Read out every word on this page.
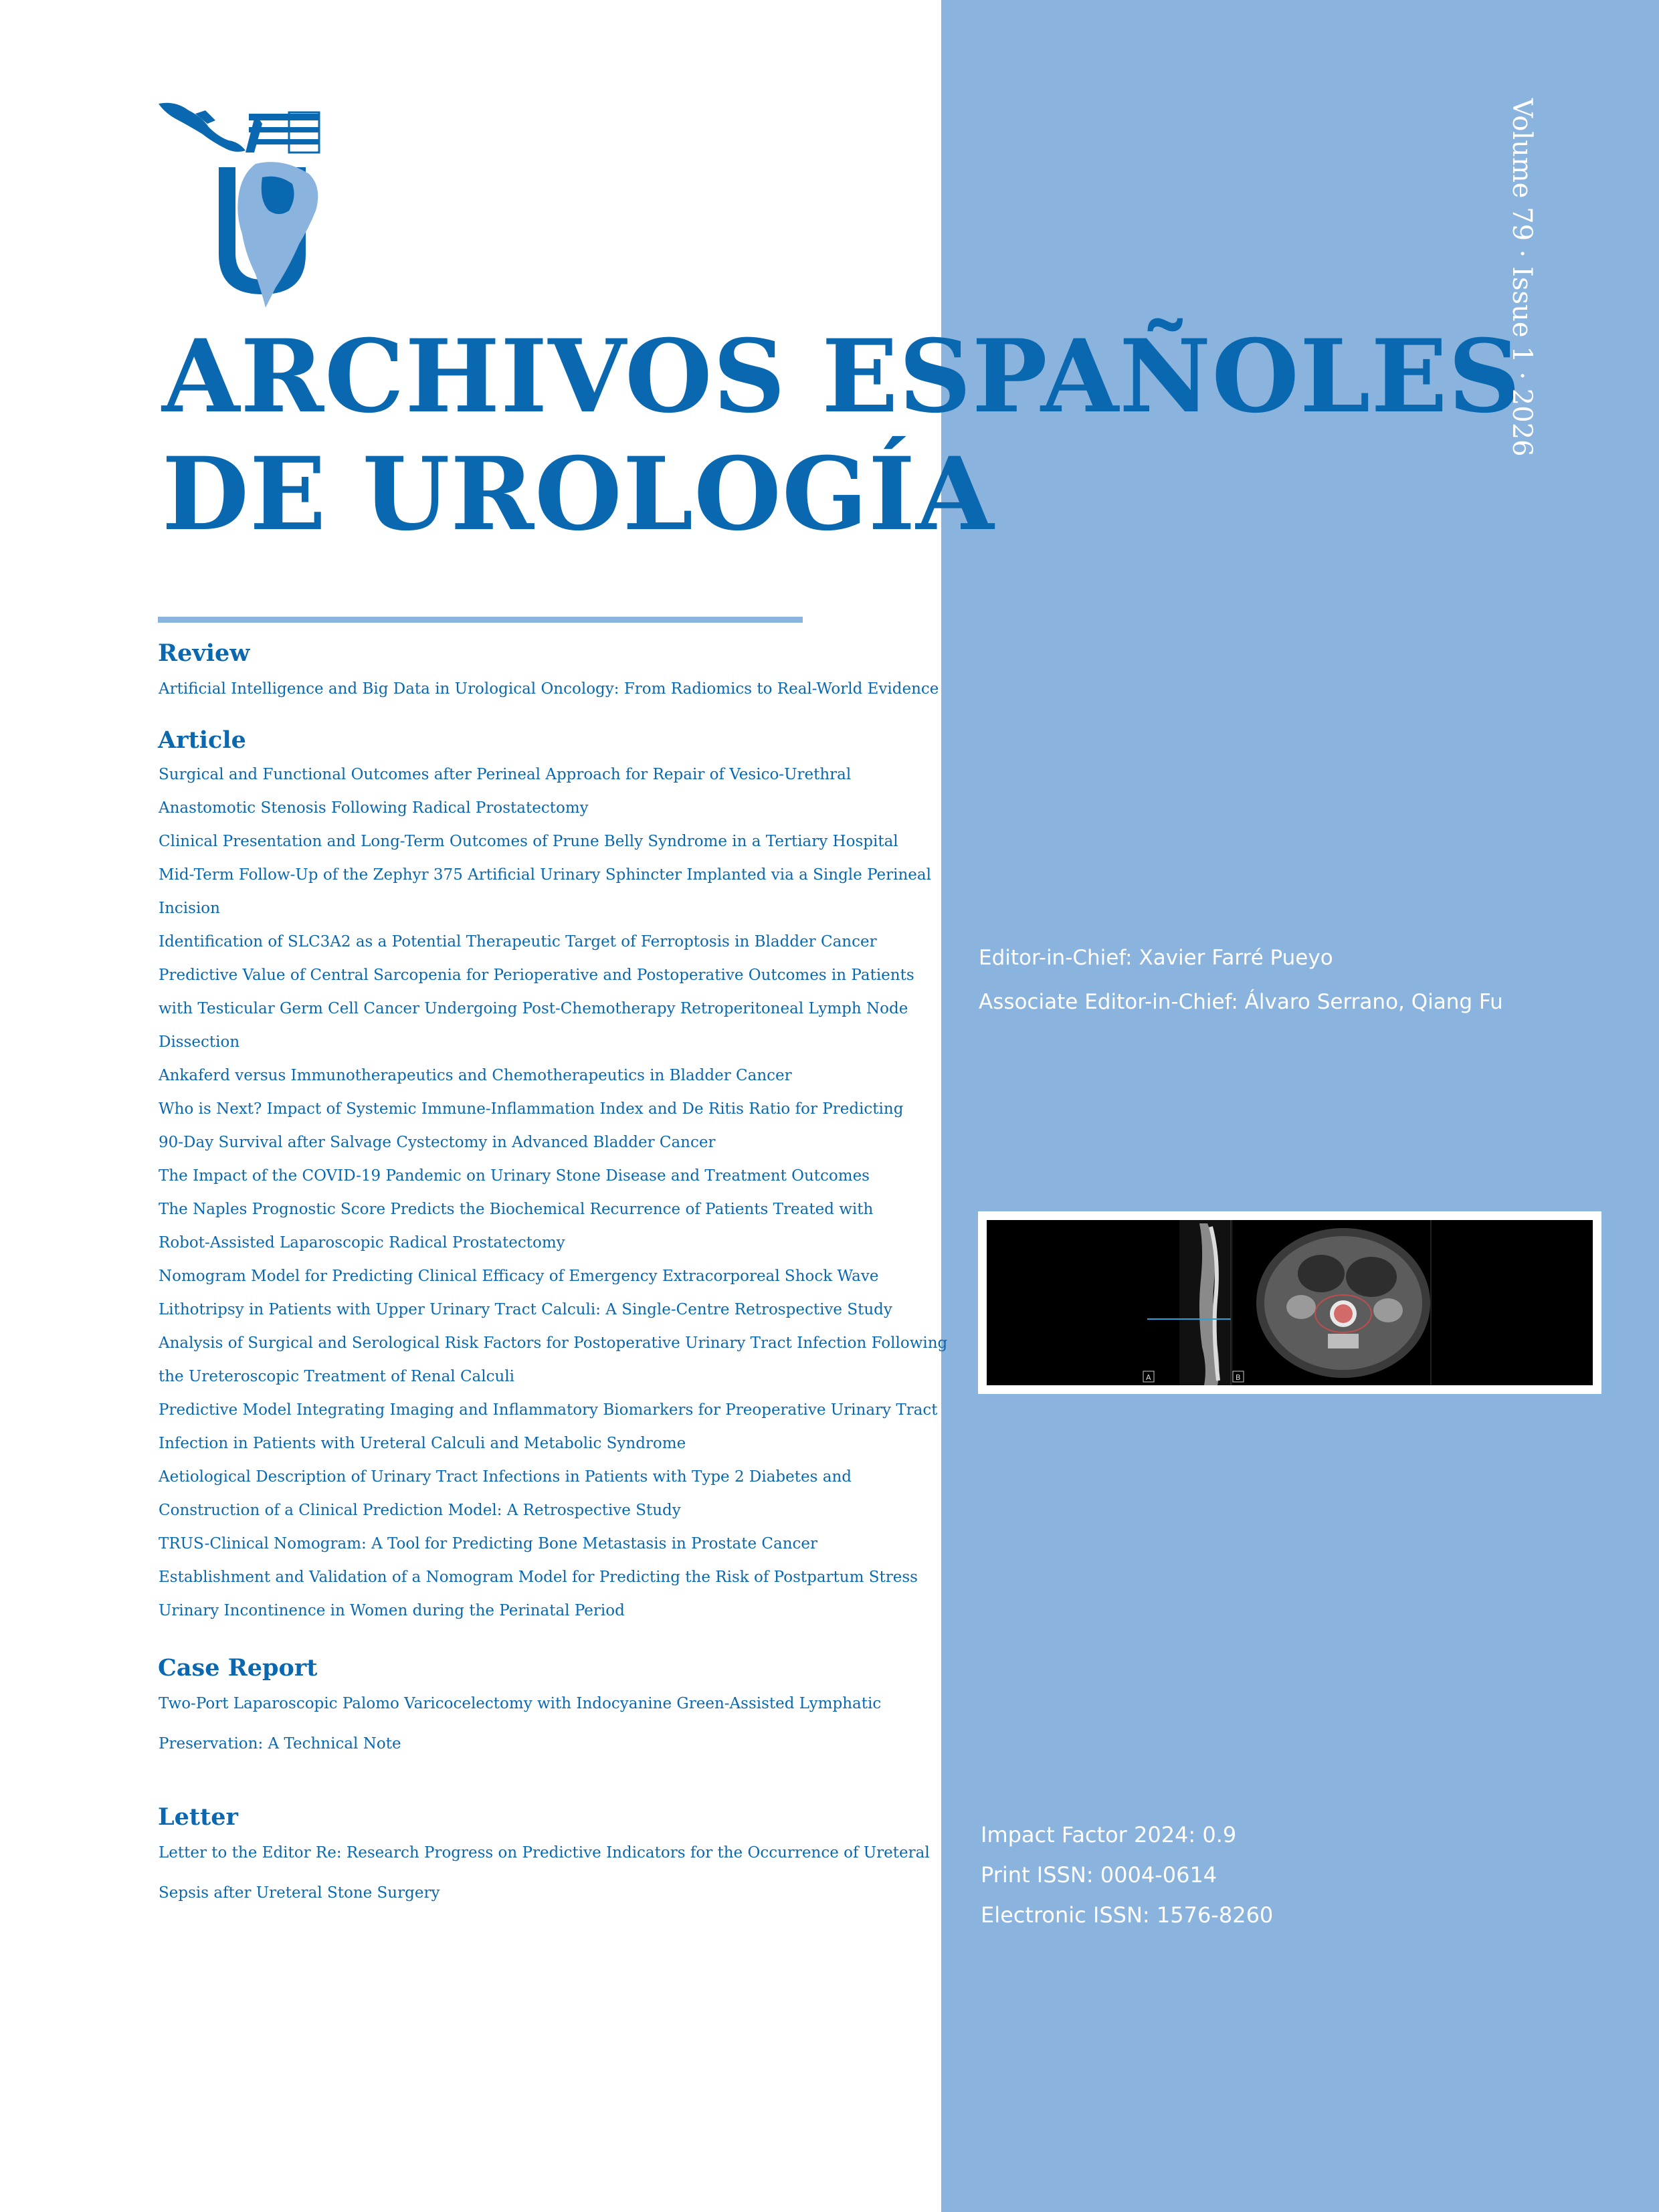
ARCHIVOS ESPAÑOLES
DE UROLOGÍA
Volume 79 · Issue 1 · 2026
Review

Artificial Intelligence and Big Data in Urological Oncology: From Radiomics to Real-World Evidence

Article

Surgical and Functional Outcomes after Perineal Approach for Repair of Vesico-Urethral

Anastomotic Stenosis Following Radical Prostatectomy

Clinical Presentation and Long-Term Outcomes of Prune Belly Syndrome in a Tertiary Hospital

Mid-Term Follow-Up of the Zephyr 375 Artificial Urinary Sphincter Implanted via a Single Perineal

Incision

Identification of SLC3A2 as a Potential Therapeutic Target of Ferroptosis in Bladder Cancer

Predictive Value of Central Sarcopenia for Perioperative and Postoperative Outcomes in Patients

with Testicular Germ Cell Cancer Undergoing Post-Chemotherapy Retroperitoneal Lymph Node

Dissection

Ankaferd versus Immunotherapeutics and Chemotherapeutics in Bladder Cancer

Who is Next? Impact of Systemic Immune-Inflammation Index and De Ritis Ratio for Predicting

90-Day Survival after Salvage Cystectomy in Advanced Bladder Cancer

The Impact of the COVID-19 Pandemic on Urinary Stone Disease and Treatment Outcomes

The Naples Prognostic Score Predicts the Biochemical Recurrence of Patients Treated with

Robot-Assisted Laparoscopic Radical Prostatectomy

Nomogram Model for Predicting Clinical Efficacy of Emergency Extracorporeal Shock Wave

Lithotripsy in Patients with Upper Urinary Tract Calculi: A Single-Centre Retrospective Study

Analysis of Surgical and Serological Risk Factors for Postoperative Urinary Tract Infection Following

the Ureteroscopic Treatment of Renal Calculi

Predictive Model Integrating Imaging and Inflammatory Biomarkers for Preoperative Urinary Tract

Infection in Patients with Ureteral Calculi and Metabolic Syndrome

Aetiological Description of Urinary Tract Infections in Patients with Type 2 Diabetes and

Construction of a Clinical Prediction Model: A Retrospective Study

TRUS-Clinical Nomogram: A Tool for Predicting Bone Metastasis in Prostate Cancer

Establishment and Validation of a Nomogram Model for Predicting the Risk of Postpartum Stress

Urinary Incontinence in Women during the Perinatal Period

Case Report

Two-Port Laparoscopic Palomo Varicocelectomy with Indocyanine Green-Assisted Lymphatic

Preservation: A Technical Note

Letter

Letter to the Editor Re: Research Progress on Predictive Indicators for the Occurrence of Ureteral

Sepsis after Ureteral Stone Surgery

Editor-in-Chief: Xavier Farré Pueyo
Associate Editor-in-Chief: Álvaro Serrano, Qiang Fu
A	B
Impact Factor 2024: 0.9
Print ISSN: 0004-0614
Electronic ISSN: 1576-8260
